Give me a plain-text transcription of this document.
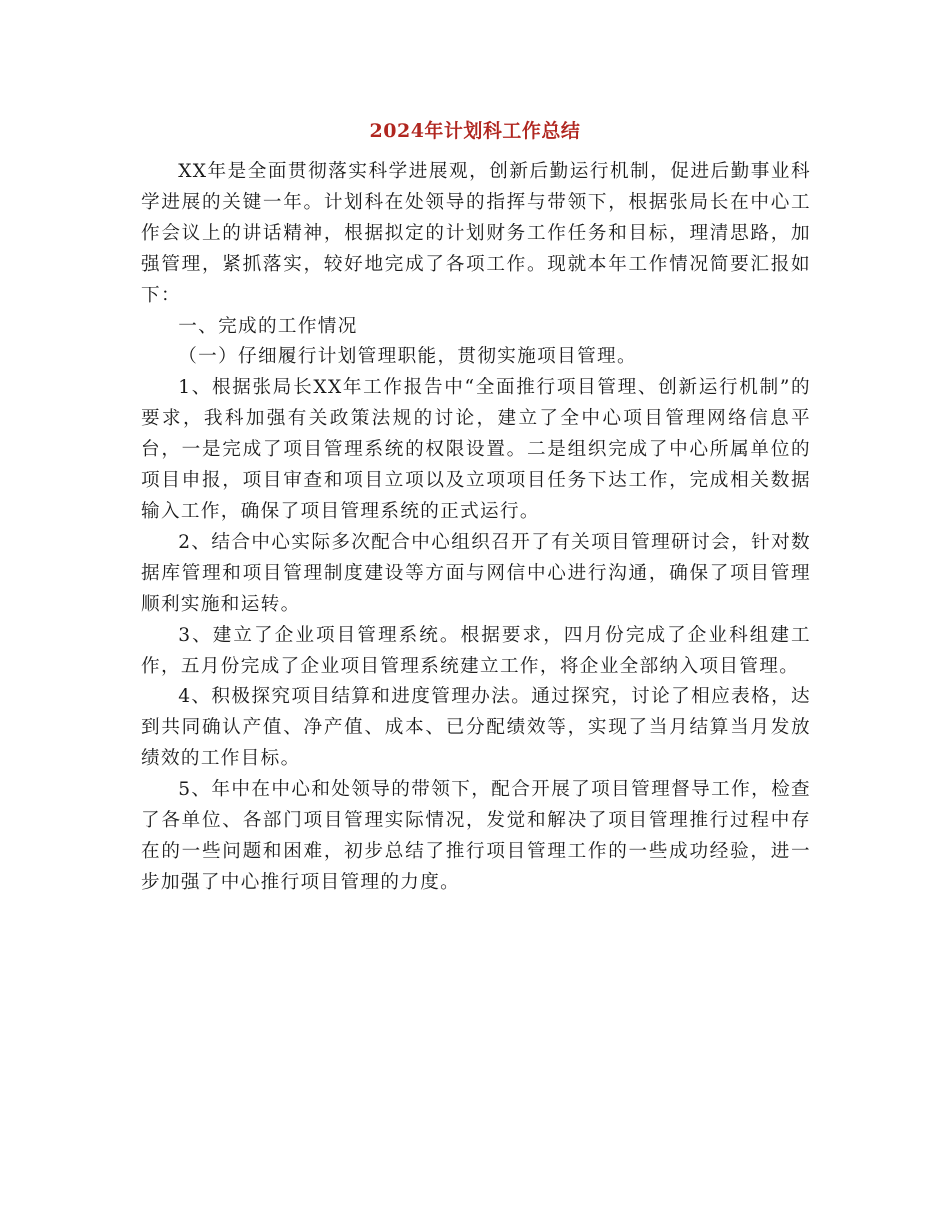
2024年计划科工作总结

XX年是全面贯彻落实科学进展观，创新后勤运行机制，促进后勤事业科学进展的关键一年。计划科在处领导的指挥与带领下，根据张局长在中心工作会议上的讲话精神，根据拟定的计划财务工作任务和目标，理清思路，加强管理，紧抓落实，较好地完成了各项工作。现就本年工作情况简要汇报如下：

一、完成的工作情况

（一）仔细履行计划管理职能，贯彻实施项目管理。

1、根据张局长XX年工作报告中“全面推行项目管理、创新运行机制”的要求，我科加强有关政策法规的讨论，建立了全中心项目管理网络信息平台，一是完成了项目管理系统的权限设置。二是组织完成了中心所属单位的项目申报，项目审查和项目立项以及立项项目任务下达工作，完成相关数据输入工作，确保了项目管理系统的正式运行。

2、结合中心实际多次配合中心组织召开了有关项目管理研讨会，针对数据库管理和项目管理制度建设等方面与网信中心进行沟通，确保了项目管理顺利实施和运转。

3、建立了企业项目管理系统。根据要求，四月份完成了企业科组建工作，五月份完成了企业项目管理系统建立工作，将企业全部纳入项目管理。

4、积极探究项目结算和进度管理办法。通过探究，讨论了相应表格，达到共同确认产值、净产值、成本、已分配绩效等，实现了当月结算当月发放绩效的工作目标。

5、年中在中心和处领导的带领下，配合开展了项目管理督导工作，检查了各单位、各部门项目管理实际情况，发觉和解决了项目管理推行过程中存在的一些问题和困难，初步总结了推行项目管理工作的一些成功经验，进一步加强了中心推行项目管理的力度。
